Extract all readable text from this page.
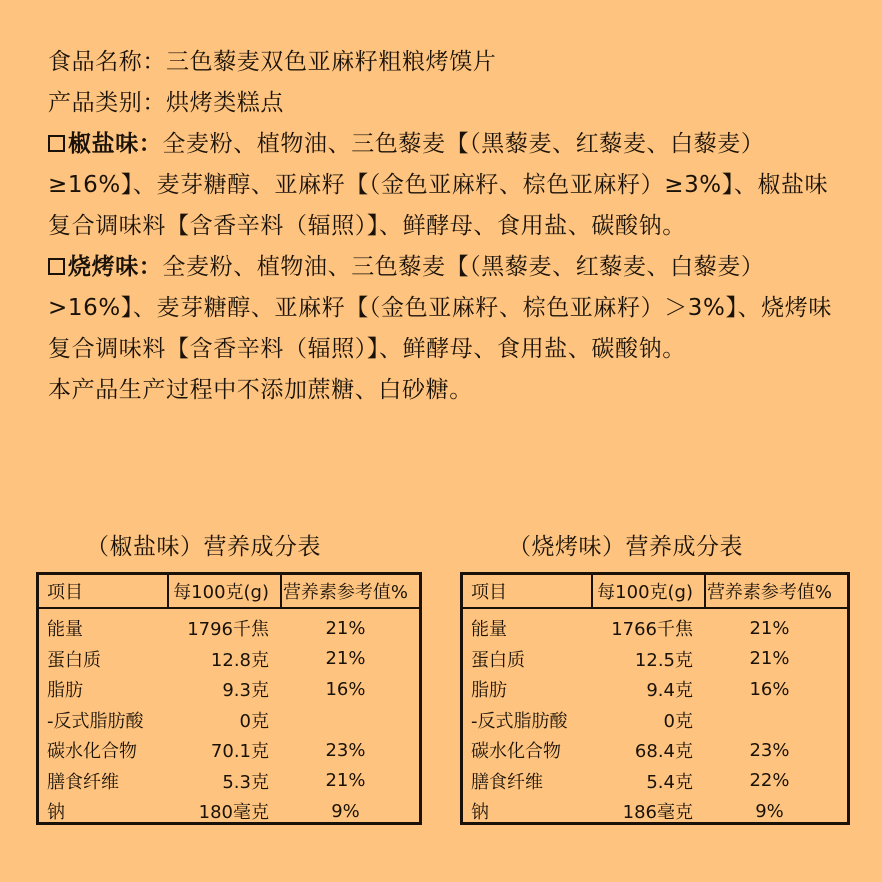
食品名称：三色藜麦双色亚麻籽粗粮烤馍片

产品类别：烘烤类糕点

椒盐味：全麦粉、植物油、三色藜麦【（黑藜麦、红藜麦、白藜麦）≥16%】、麦芽糖醇、亚麻籽【（金色亚麻籽、棕色亚麻籽）≥3%】、椒盐味复合调味料【含香辛料（辐照）】、鲜酵母、食用盐、碳酸钠。

烧烤味：全麦粉、植物油、三色藜麦【（黑藜麦、红藜麦、白藜麦）>16%】、麦芽糖醇、亚麻籽【（金色亚麻籽、棕色亚麻籽）＞3%】、烧烤味复合调味料【含香辛料（辐照）】、鲜酵母、食用盐、碳酸钠。

本产品生产过程中不添加蔗糖、白砂糖。

（椒盐味）营养成分表	（烧烤味）营养成分表
项目	每100克(g) 营养素参考值%
能量	1796千焦	21%
蛋白质	12.8克	21%
脂肪	9.3克	16%
-反式脂肪酸	0克
碳水化合物	70.1克	23%
膳食纤维	5.3克	21%
钠	180毫克	9%
项目	每100克(g) 营养素参考值%
能量	1766千焦	21%
蛋白质	12.5克	21%
脂肪	9.4克	16%
-反式脂肪酸	0克
碳水化合物	68.4克	23%
膳食纤维	5.4克	22%
钠	186毫克	9%
